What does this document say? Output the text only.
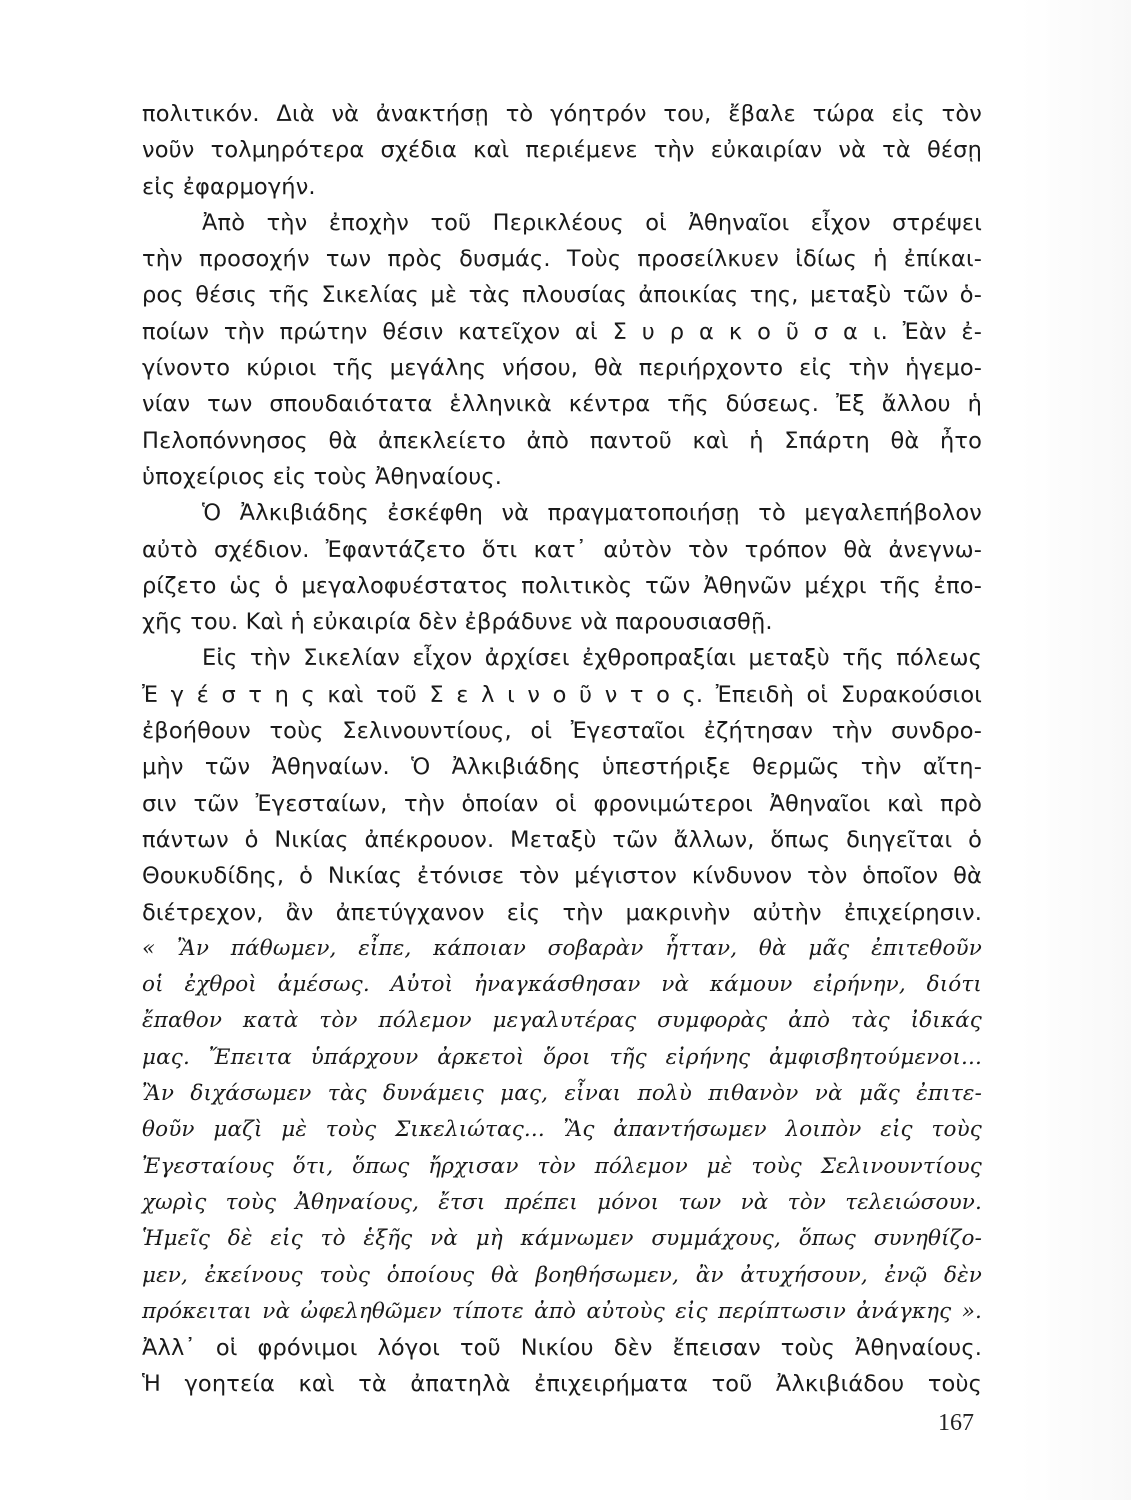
πολιτικόν. Διὰ νὰ ἀνακτήσῃ τὸ γόητρόν του, ἔβαλε τώρα εἰς τὸν
νοῦν τολμηρότερα σχέδια καὶ περιέμενε τὴν εὐκαιρίαν νὰ τὰ θέσῃ
εἰς ἐφαρμογήν.
Ἀπὸ τὴν ἐποχὴν τοῦ Περικλέους οἱ Ἀθηναῖοι εἶχον στρέψει
τὴν προσοχήν των πρὸς δυσμάς. Τοὺς προσείλκυεν ἰδίως ἡ ἐπίκαι-
ρος θέσις τῆς Σικελίας μὲ τὰς πλουσίας ἀποικίας της, μεταξὺ τῶν ὁ-
ποίων τὴν πρώτην θέσιν κατεῖχον αἱ Σ υ ρ α κ ο ῦ σ α ι. Ἐὰν ἐ-
γίνοντο κύριοι τῆς μεγάλης νήσου, θὰ περιήρχοντο εἰς τὴν ἡγεμο-
νίαν των σπουδαιότατα ἑλληνικὰ κέντρα τῆς δύσεως. Ἐξ ἄλλου ἡ
Πελοπόννησος θὰ ἀπεκλείετο ἀπὸ παντοῦ καὶ ἡ Σπάρτη θὰ ἦτο
ὑποχείριος εἰς τοὺς Ἀθηναίους.
Ὁ Ἀλκιβιάδης ἐσκέφθη νὰ πραγματοποιήσῃ τὸ μεγαλεπήβολον
αὐτὸ σχέδιον. Ἐφαντάζετο ὅτι κατ᾽ αὐτὸν τὸν τρόπον θὰ ἀνεγνω-
ρίζετο ὡς ὁ μεγαλοφυέστατος πολιτικὸς τῶν Ἀθηνῶν μέχρι τῆς ἐπο-
χῆς του. Καὶ ἡ εὐκαιρία δὲν ἐβράδυνε νὰ παρουσιασθῇ.
Εἰς τὴν Σικελίαν εἶχον ἀρχίσει ἐχθροπραξίαι μεταξὺ τῆς πόλεως
Ἐ γ έ σ τ η ς καὶ τοῦ Σ ε λ ι ν ο ῦ ν τ ο ς. Ἐπειδὴ οἱ Συρακούσιοι
ἐβοήθουν τοὺς Σελινουντίους, οἱ Ἐγεσταῖοι ἐζήτησαν τὴν συνδρο-
μὴν τῶν Ἀθηναίων. Ὁ Ἀλκιβιάδης ὑπεστήριξε θερμῶς τὴν αἴτη-
σιν τῶν Ἐγεσταίων, τὴν ὁποίαν οἱ φρονιμώτεροι Ἀθηναῖοι καὶ πρὸ
πάντων ὁ Νικίας ἀπέκρουον. Μεταξὺ τῶν ἄλλων, ὅπως διηγεῖται ὁ
Θουκυδίδης, ὁ Νικίας ἐτόνισε τὸν μέγιστον κίνδυνον τὸν ὁποῖον θὰ
διέτρεχον, ἂν ἀπετύγχανον εἰς τὴν μακρινὴν αὐτὴν ἐπιχείρησιν.
« Ἂν πάθωμεν, εἶπε, κάποιαν σοβαρὰν ἧτταν, θὰ μᾶς ἐπιτεθοῦν
οἱ ἐχθροὶ ἀμέσως. Αὐτοὶ ἠναγκάσθησαν νὰ κάμουν εἰρήνην, διότι
ἔπαθον κατὰ τὸν πόλεμον μεγαλυτέρας συμφορὰς ἀπὸ τὰς ἰδικάς
μας. Ἔπειτα ὑπάρχουν ἀρκετοὶ ὅροι τῆς εἰρήνης ἀμφισβητούμενοι...
Ἂν διχάσωμεν τὰς δυνάμεις μας, εἶναι πολὺ πιθανὸν νὰ μᾶς ἐπιτε-
θοῦν μαζὶ μὲ τοὺς Σικελιώτας... Ἂς ἀπαντήσωμεν λοιπὸν εἰς τοὺς
Ἐγεσταίους ὅτι, ὅπως ἤρχισαν τὸν πόλεμον μὲ τοὺς Σελινουντίους
χωρὶς τοὺς Ἀθηναίους, ἔτσι πρέπει μόνοι των νὰ τὸν τελειώσουν.
Ἡμεῖς δὲ εἰς τὸ ἑξῆς νὰ μὴ κάμνωμεν συμμάχους, ὅπως συνηθίζο-
μεν, ἐκείνους τοὺς ὁποίους θὰ βοηθήσωμεν, ἂν ἀτυχήσουν, ἐνῷ δὲν
πρόκειται νὰ ὠφεληθῶμεν τίποτε ἀπὸ αὐτοὺς εἰς περίπτωσιν ἀνάγκης ».
Ἀλλ᾽ οἱ φρόνιμοι λόγοι τοῦ Νικίου δὲν ἔπεισαν τοὺς Ἀθηναίους.
Ἡ γοητεία καὶ τὰ ἀπατηλὰ ἐπιχειρήματα τοῦ Ἀλκιβιάδου τοὺς
167
